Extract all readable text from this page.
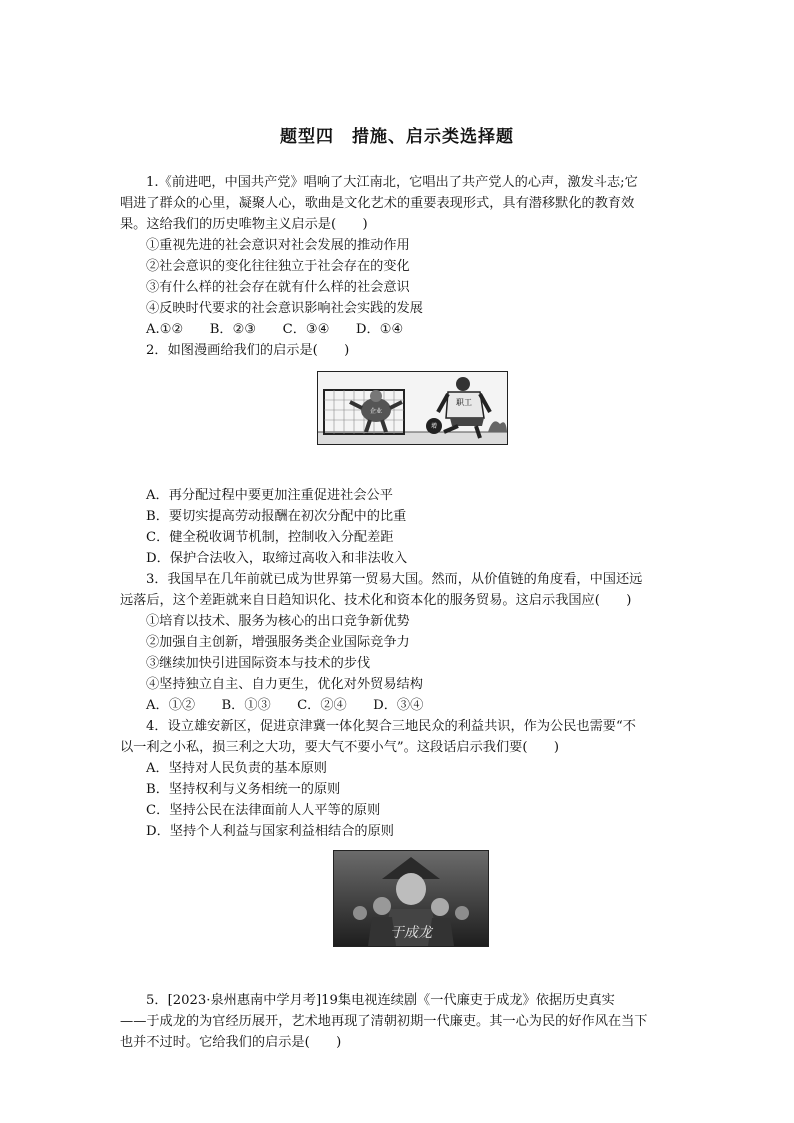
题型四　措施、启示类选择题
1.《前进吧，中国共产党》唱响了大江南北，它唱出了共产党人的心声，激发斗志;它
唱进了群众的心里，凝聚人心，歌曲是文化艺术的重要表现形式，具有潜移默化的教育效
果。这给我们的历史唯物主义启示是(　　)
①重视先进的社会意识对社会发展的推动作用
②社会意识的变化往往独立于社会存在的变化
③有什么样的社会存在就有什么样的社会意识
④反映时代要求的社会意识影响社会实践的发展
A.①②　　B．②③　　C．③④　　D．①④
2．如图漫画给我们的启示是(　　)
职工
企业
增
A．再分配过程中要更加注重促进社会公平
B．要切实提高劳动报酬在初次分配中的比重
C．健全税收调节机制，控制收入分配差距
D．保护合法收入，取缔过高收入和非法收入
3．我国早在几年前就已成为世界第一贸易大国。然而，从价值链的角度看，中国还远
远落后，这个差距就来自日趋知识化、技术化和资本化的服务贸易。这启示我国应(　　)
①培育以技术、服务为核心的出口竞争新优势
②加强自主创新，增强服务类企业国际竞争力
③继续加快引进国际资本与技术的步伐
④坚持独立自主、自力更生，优化对外贸易结构
A．①②　　B．①③　　C．②④　　D．③④
4．设立雄安新区，促进京津冀一体化契合三地民众的利益共识，作为公民也需要“不
以一利之小私，损三利之大功，要大气不要小气”。这段话启示我们要(　　)
A．坚持对人民负责的基本原则
B．坚持权利与义务相统一的原则
C．坚持公民在法律面前人人平等的原则
D．坚持个人利益与国家利益相结合的原则
于成龙
5．[2023·泉州惠南中学月考]19集电视连续剧《一代廉吏于成龙》依据历史真实
——于成龙的为官经历展开，艺术地再现了清朝初期一代廉吏。其一心为民的好作风在当下
也并不过时。它给我们的启示是(　　)
